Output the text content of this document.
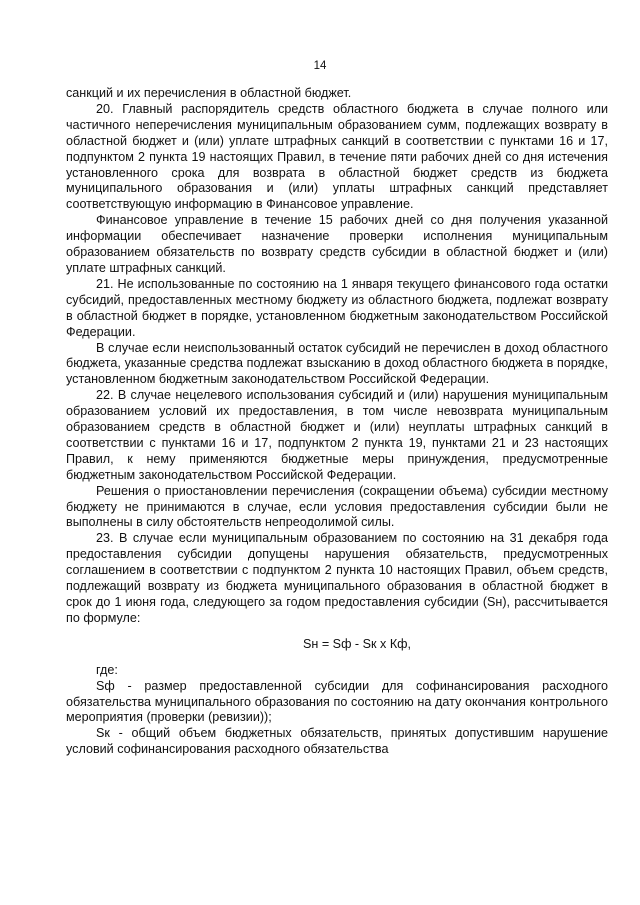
14

санкций и их перечисления в областной бюджет.

20. Главный распорядитель средств областного бюджета в случае полного или частичного неперечисления муниципальным образованием сумм, подлежащих возврату в областной бюджет и (или) уплате штрафных санкций в соответствии с пунктами 16 и 17, подпунктом 2 пункта 19 настоящих Правил, в течение пяти рабочих дней со дня истечения установленного срока для возврата в областной бюджет средств из бюджета муниципального образования и (или) уплаты штрафных санкций представляет соответствующую информацию в Финансовое управление.

Финансовое управление в течение 15 рабочих дней со дня получения указанной информации обеспечивает назначение проверки исполнения муниципальным образованием обязательств по возврату средств субсидии в областной бюджет и (или) уплате штрафных санкций.

21. Не использованные по состоянию на 1 января текущего финансового года остатки субсидий, предоставленных местному бюджету из областного бюджета, подлежат возврату в областной бюджет в порядке, установленном бюджетным законодательством Российской Федерации.

В случае если неиспользованный остаток субсидий не перечислен в доход областного бюджета, указанные средства подлежат взысканию в доход областного бюджета в порядке, установленном бюджетным законодательством Российской Федерации.

22. В случае нецелевого использования субсидий и (или) нарушения муниципальным образованием условий их предоставления, в том числе невозврата муниципальным образованием средств в областной бюджет и (или) неуплаты штрафных санкций в соответствии с пунктами 16 и 17, подпунктом 2 пункта 19, пунктами 21 и 23 настоящих Правил, к нему применяются бюджетные меры принуждения, предусмотренные бюджетным законодательством Российской Федерации.

Решения о приостановлении перечисления (сокращении объема) субсидии местному бюджету не принимаются в случае, если условия предоставления субсидии были не выполнены в силу обстоятельств непреодолимой силы.

23. В случае если муниципальным образованием по состоянию на 31 декабря года предоставления субсидии допущены нарушения обязательств, предусмотренных соглашением в соответствии с подпунктом 2 пункта 10 настоящих Правил, объем средств, подлежащий возврату из бюджета муниципального образования в областной бюджет в срок до 1 июня года, следующего за годом предоставления субсидии (Sн), рассчитывается по формуле:

Sн = Sф - Sк х Кф,

где:

Sф - размер предоставленной субсидии для софинансирования расходного обязательства муниципального образования по состоянию на дату окончания контрольного мероприятия (проверки (ревизии));

Sк - общий объем бюджетных обязательств, принятых допустившим нарушение условий софинансирования расходного обязательства
